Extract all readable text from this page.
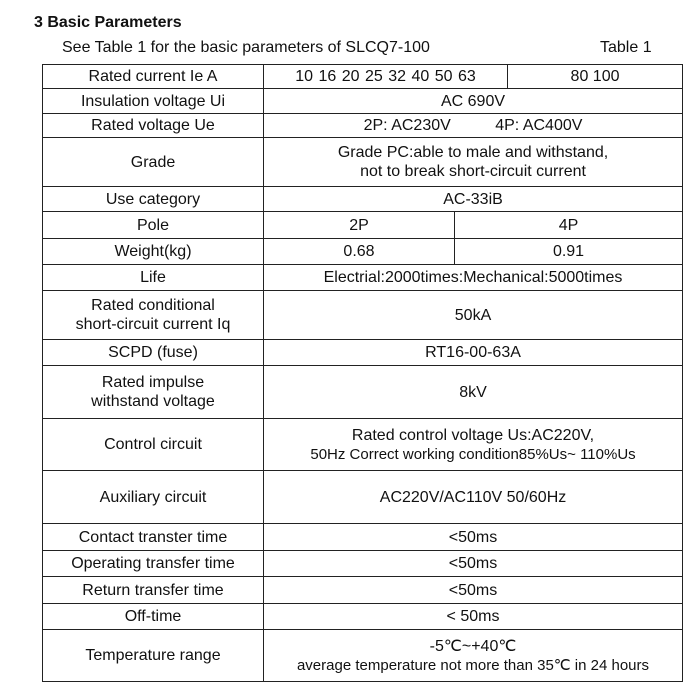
3 Basic Parameters
See Table 1 for the basic parameters of SLCQ7-100	Table 1
Rated current Ie A	10 16 20 25 32 40 50 63		80 100
Insulation voltage Ui	AC 690V		
Rated voltage Ue	2P: AC230V          4P: AC400V		
Grade	Grade PC:able to male and withstand,
not to break short-circuit current		

Use category	AC-33iB		
Pole	2P	4P	
Weight(kg)	0.68	0.91	
Life	Electrial:2000times:Mechanical:5000times		

Rated conditional
short-circuit current Iq	50kA		
SCPD (fuse)	RT16-00-63A		

Rated impulse
withstand voltage	8kV		
Control circuit	Rated control voltage Us:AC220V,
50Hz Correct working condition85%Us~ 110%Us		

Auxiliary circuit	AC220V/AC110V 50/60Hz		
Contact transter time	<50ms		
Operating transfer time	<50ms		
Return transfer time	<50ms		
Off-time	< 50ms		
Temperature range	-5℃~+40℃
average temperature not more than 35℃ in 24 hours		
